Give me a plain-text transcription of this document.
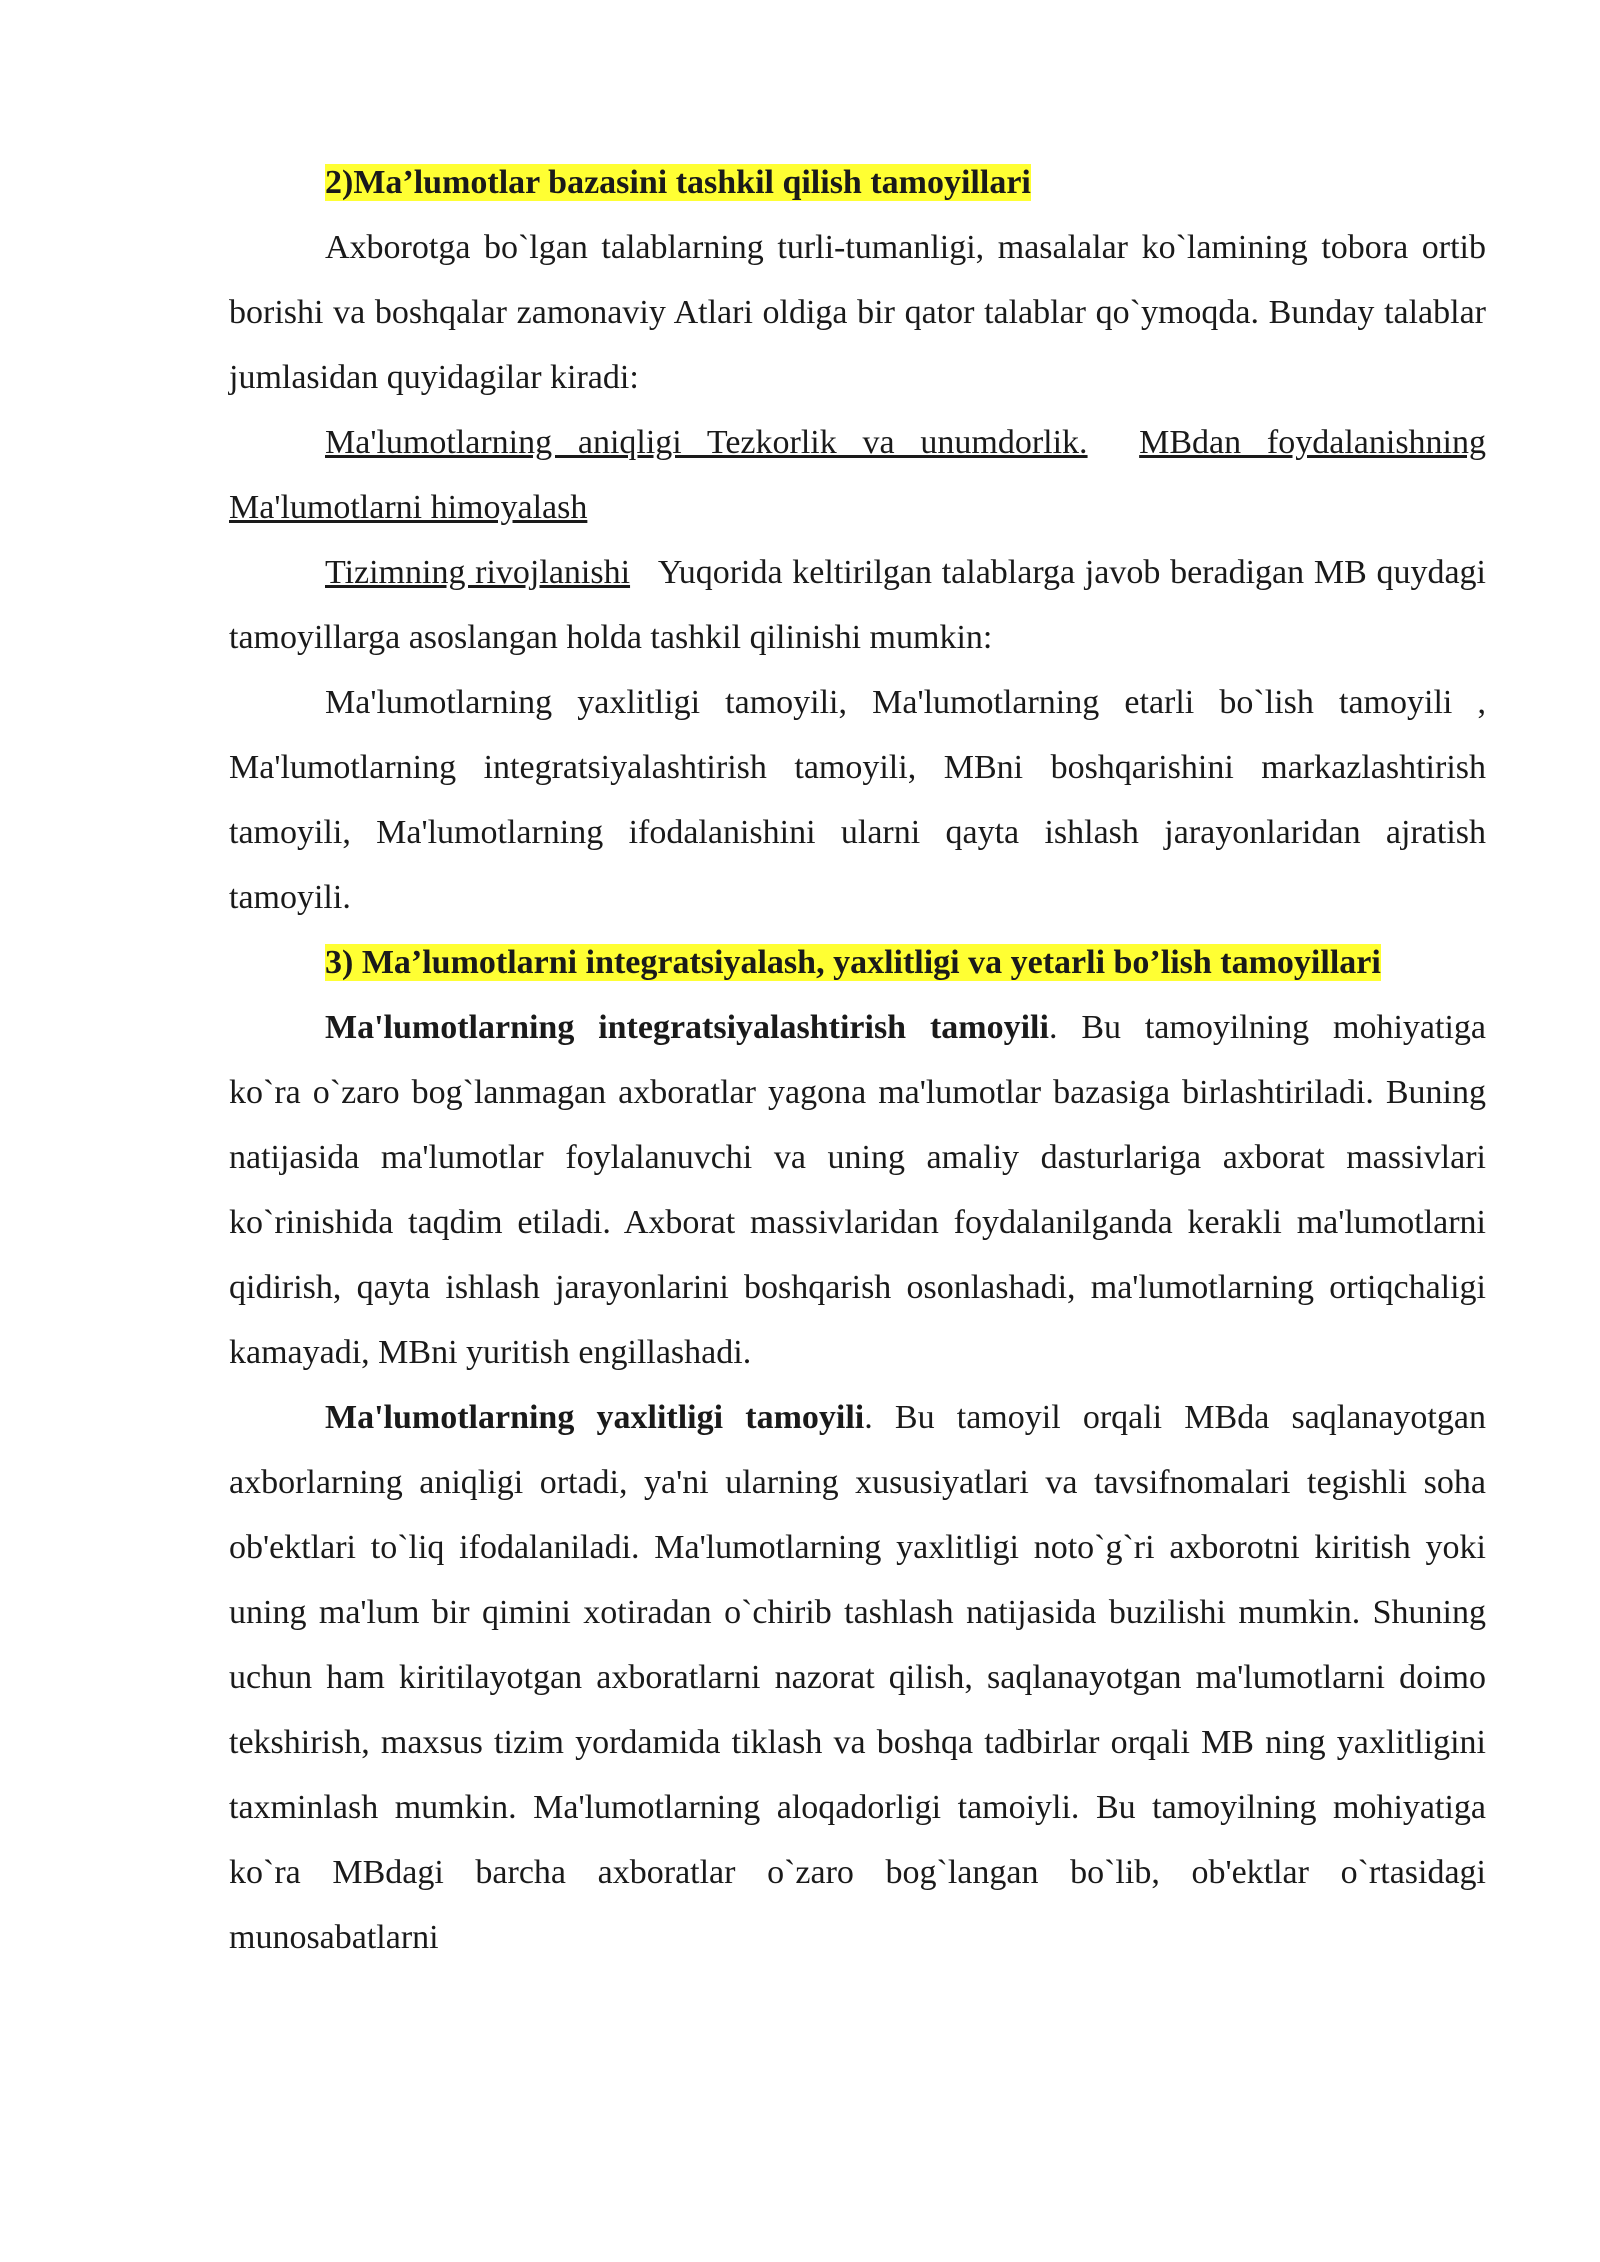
2)Ma’lumotlar bazasini tashkil qilish tamoyillari

Axborotga bo`lgan talablarning turli-tumanligi, masalalar ko`lamining tobora ortib borishi va boshqalar zamonaviy Atlari oldiga bir qator talablar qo`ymoqda. Bunday talablar jumlasidan quyidagilar kiradi:

Ma'lumotlarning aniqligi Tezkorlik va unumdorlik. MBdan foydalanishning Ma'lumotlarni himoyalash

Tizimning rivojlanishi Yuqorida keltirilgan talablarga javob beradigan MB quydagi tamoyillarga asoslangan holda tashkil qilinishi mumkin:

Ma'lumotlarning yaxlitligi tamoyili, Ma'lumotlarning etarli bo`lish tamoyili , Ma'lumotlarning integratsiyalashtirish tamoyili, MBni boshqarishini markazlashtirish tamoyili, Ma'lumotlarning ifodalanishini ularni qayta ishlash jarayonlaridan ajratish tamoyili.

3) Ma’lumotlarni integratsiyalash, yaxlitligi va yetarli bo’lish tamoyillari

Ma'lumotlarning integratsiyalashtirish tamoyili. Bu tamoyilning mohiyatiga ko`ra o`zaro bog`lanmagan axboratlar yagona ma'lumotlar bazasiga birlashtiriladi. Buning natijasida ma'lumotlar foylalanuvchi va uning amaliy dasturlariga axborat massivlari ko`rinishida taqdim etiladi. Axborat massivlaridan foydalanilganda kerakli ma'lumotlarni qidirish, qayta ishlash jarayonlarini boshqarish osonlashadi, ma'lumotlarning ortiqchaligi kamayadi, MBni yuritish engillashadi.

Ma'lumotlarning yaxlitligi tamoyili. Bu tamoyil orqali MBda saqlanayotgan axborlarning aniqligi ortadi, ya'ni ularning xususiyatlari va tavsifnomalari tegishli soha ob'ektlari to`liq ifodalaniladi. Ma'lumotlarning yaxlitligi noto`g`ri axborotni kiritish yoki uning ma'lum bir qimini xotiradan o`chirib tashlash natijasida buzilishi mumkin. Shuning uchun ham kiritilayotgan axboratlarni nazorat qilish, saqlanayotgan ma'lumotlarni doimo tekshirish, maxsus tizim yordamida tiklash va boshqa tadbirlar orqali MB ning yaxlitligini taxminlash mumkin. Ma'lumotlarning aloqadorligi tamoiyli. Bu tamoyilning mohiyatiga ko`ra MBdagi barcha axboratlar o`zaro bog`langan bo`lib, ob'ektlar o`rtasidagi munosabatlarni
